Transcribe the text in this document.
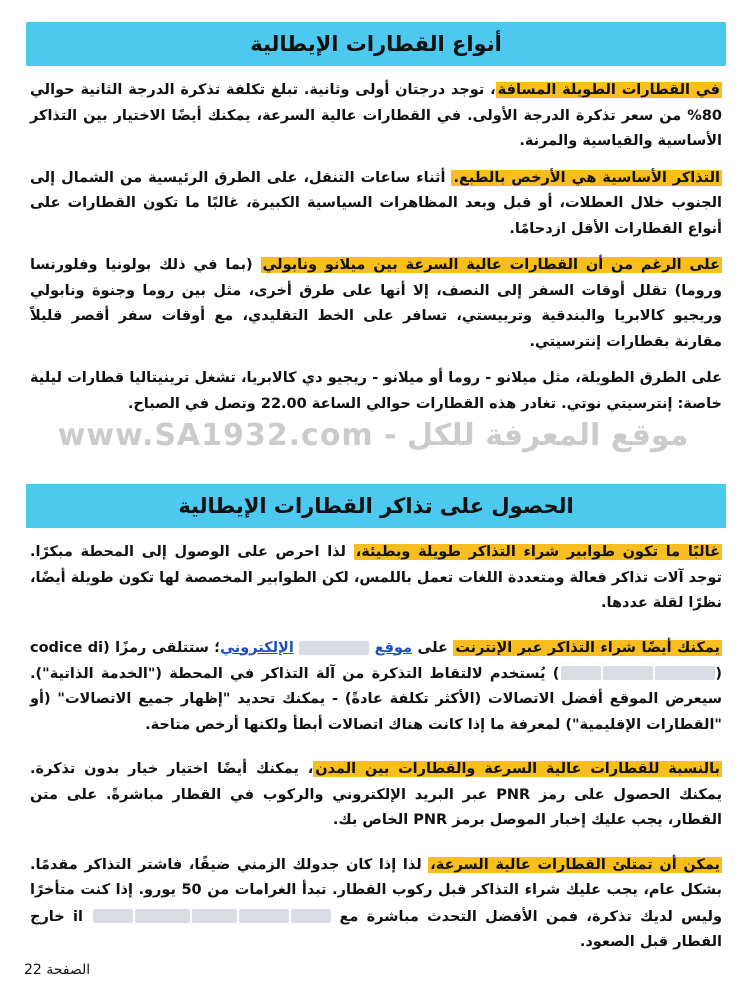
أنواع القطارات الإيطالية

في القطارات الطويلة المسافة، توجد درجتان أولى وثانية. تبلغ تكلفة تذكرة الدرجة الثانية حوالي 80% من سعر تذكرة الدرجة الأولى. في القطارات عالية السرعة، يمكنك أيضًا الاختيار بين التذاكر الأساسية والقياسية والمرنة.

التذاكر الأساسية هي الأرخص بالطبع. أثناء ساعات التنقل، على الطرق الرئيسية من الشمال إلى الجنوب خلال العطلات، أو قبل وبعد المظاهرات السياسية الكبيرة، غالبًا ما تكون القطارات على أنواع القطارات الأقل ازدحامًا.

على الرغم من أن القطارات عالية السرعة بين ميلانو ونابولي (بما في ذلك بولونيا وفلورنسا وروما) تقلل أوقات السفر إلى النصف، إلا أنها على طرق أخرى، مثل بين روما وجنوة ونابولي وريجيو كالابريا والبندقية وترييستي، تسافر على الخط التقليدي، مع أوقات سفر أقصر قليلاً مقارنة بقطارات إنترسيتي.

على الطرق الطويلة، مثل ميلانو - روما أو ميلانو - ريجيو دي كالابريا، تشغل ترينيتاليا قطارات ليلية خاصة: إنترسيتي نوتي. تغادر هذه القطارات حوالي الساعة 22.00 وتصل في الصباح.

الحصول على تذاكر القطارات الإيطالية

غالبًا ما تكون طوابير شراء التذاكر طويلة وبطيئة، لذا احرص على الوصول إلى المحطة مبكرًا. توجد آلات تذاكر فعالة ومتعددة اللغات تعمل باللمس، لكن الطوابير المخصصة لها تكون طويلة أيضًا، نظرًا لقلة عددها.

يمكنك أيضًا شراء التذاكر عبر الإنترنت على موقع  الإلكتروني؛ ستتلقى رمزًا (codice di () يُستخدم لالتقاط التذكرة من آلة التذاكر في المحطة ("الخدمة الذاتية"). سيعرض الموقع أفضل الاتصالات (الأكثر تكلفة عادةً) - يمكنك تحديد "إظهار جميع الاتصالات" (أو "القطارات الإقليمية") لمعرفة ما إذا كانت هناك اتصالات أبطأ ولكنها أرخص متاحة.

بالنسبة للقطارات عالية السرعة والقطارات بين المدن، يمكنك أيضًا اختيار خيار بدون تذكرة. يمكنك الحصول على رمز PNR عبر البريد الإلكتروني والركوب في القطار مباشرةً. على متن القطار، يجب عليك إخبار الموصل برمز PNR الخاص بك.

يمكن أن تمتلئ القطارات عالية السرعة، لذا إذا كان جدولك الزمني ضيقًا، فاشتر التذاكر مقدمًا. بشكل عام، يجب عليك شراء التذاكر قبل ركوب القطار. تبدأ الغرامات من 50 يورو. إذا كنت متأخرًا وليس لديك تذكرة، فمن الأفضل التحدث مباشرة مع  il خارج القطار قبل الصعود.

موقع المعرفة للكل - www.SA1932.com
الصفحة 22
